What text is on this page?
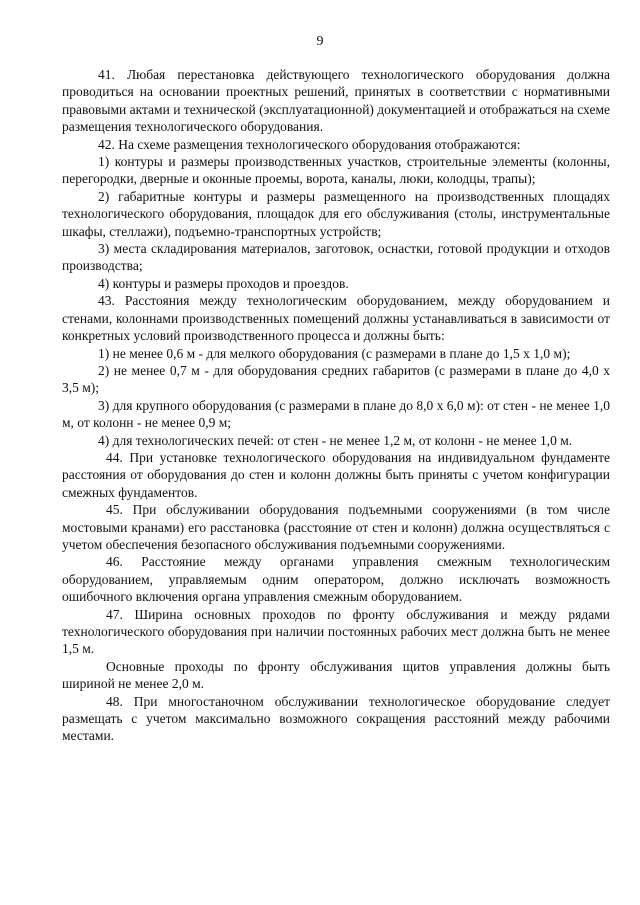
9

41. Любая перестановка действующего технологического оборудования должна проводиться на основании проектных решений, принятых в соответствии с нормативными правовыми актами и технической (эксплуатационной) документацией и отображаться на схеме размещения технологического оборудования.

42. На схеме размещения технологического оборудования отображаются:

1) контуры и размеры производственных участков, строительные элементы (колонны, перегородки, дверные и оконные проемы, ворота, каналы, люки, колодцы, трапы);

2) габаритные контуры и размеры размещенного на производственных площадях технологического оборудования, площадок для его обслуживания (столы, инструментальные шкафы, стеллажи), подъемно-транспортных устройств;

3) места складирования материалов, заготовок, оснастки, готовой продукции и отходов производства;

4) контуры и размеры проходов и проездов.

43. Расстояния между технологическим оборудованием, между оборудованием и стенами, колоннами производственных помещений должны устанавливаться в зависимости от конкретных условий производственного процесса и должны быть:

1) не менее 0,6 м - для мелкого оборудования (с размерами в плане до 1,5 х 1,0 м);

2) не менее 0,7 м - для оборудования средних габаритов (с размерами в плане до 4,0 х 3,5 м);

3) для крупного оборудования (с размерами в плане до 8,0 х 6,0 м): от стен - не менее 1,0 м, от колонн - не менее 0,9 м;

4) для технологических печей: от стен - не менее 1,2 м, от колонн - не менее 1,0 м.

44. При установке технологического оборудования на индивидуальном фундаменте расстояния от оборудования до стен и колонн должны быть приняты с учетом конфигурации смежных фундаментов.

45. При обслуживании оборудования подъемными сооружениями (в том числе мостовыми кранами) его расстановка (расстояние от стен и колонн) должна осуществляться с учетом обеспечения безопасного обслуживания подъемными сооружениями.

46. Расстояние между органами управления смежным технологическим оборудованием, управляемым одним оператором, должно исключать возможность ошибочного включения органа управления смежным оборудованием.

47. Ширина основных проходов по фронту обслуживания и между рядами технологического оборудования при наличии постоянных рабочих мест должна быть не менее 1,5 м.

Основные проходы по фронту обслуживания щитов управления должны быть шириной не менее 2,0 м.

48. При многостаночном обслуживании технологическое оборудование следует размещать с учетом максимально возможного сокращения расстояний между рабочими местами.
